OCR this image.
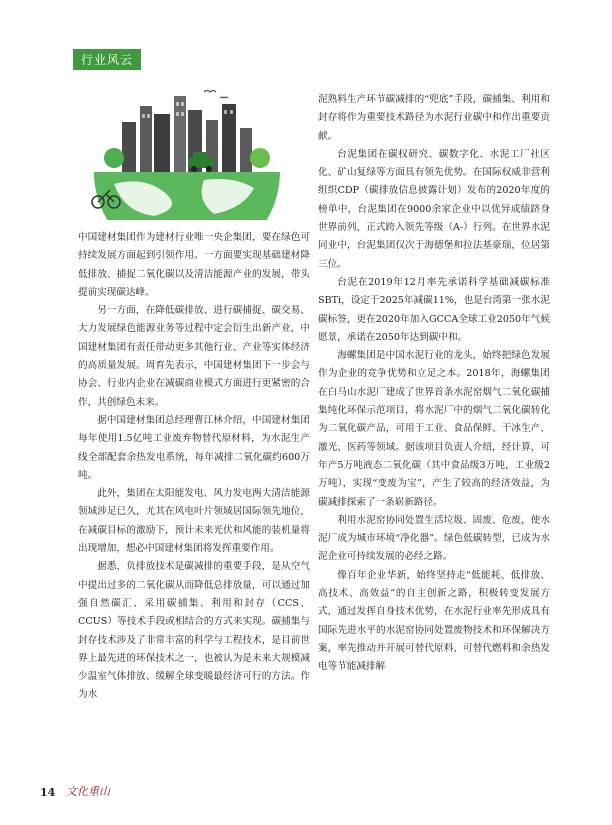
行业风云

中国建材集团作为建材行业唯一央企集团，要在绿色可持续发展方面起到引领作用。一方面要实现基础建材降低排放、捕捉二氧化碳以及清洁能源产业的发展，带头提前实现碳达峰。

另一方面，在降低碳排放、进行碳捕捉、碳交易、大力发展绿色能源业务等过程中定会衍生出新产业，中国建材集团有责任带动更多其他行业、产业等实体经济的高质量发展。周育先表示，中国建材集团下一步会与协会、行业内企业在减碳商业模式方面进行更紧密的合作，共创绿色未来。

据中国建材集团总经理曹江林介绍，中国建材集团每年使用1.5亿吨工业废弃物替代原材料，为水泥生产线全部配套余热发电系统，每年减排二氧化碳约600万吨。

此外，集团在太阳能发电、风力发电两大清洁能源领域涉足已久，尤其在风电叶片领域居国际领先地位，在减碳目标的激励下，预计未来光伏和风能的装机量将出现增加，想必中国建材集团将发挥重要作用。

据悉，负排放技术是碳减排的重要手段，是从空气中提出过多的二氧化碳从而降低总排放量，可以通过加强自然碳汇、采用碳捕集、利用和封存（CCS、CCUS）等技术手段或相结合的方式来实现。碳捕集与封存技术涉及了非常丰富的科学与工程技术，是目前世界上最先进的环保技术之一，也被认为是未来大规模减少温室气体排放、缓解全球变暖最经济可行的方法。作为水

泥熟料生产环节碳减排的“兜底”手段，碳捕集、利用和封存将作为重要技术路径为水泥行业碳中和作出重要贡献。

台泥集团在碳权研究、碳数字化、水泥工厂社区化、矿山复绿等方面具有领先优势。在国际权威非营利组织CDP（碳排放信息披露计划）发布的2020年度的榜单中，台泥集团在9000余家企业中以优异成绩跻身世界前列，正式跨入领先等级（A-）行列。在世界水泥同业中，台泥集团仅次于海德堡和拉法基豪瑞，位居第三位。

台泥在2019年12月率先承诺科学基础减碳标准SBTi，设定于2025年减碳11%，也是台湾第一张水泥碳标签，更在2020年加入GCCA全球工业2050年气候愿景，承诺在2050年达到碳中和。

海螺集团是中国水泥行业的龙头，始终把绿色发展作为企业的竞争优势和立足之本。2018年，海螺集团在白马山水泥厂建成了世界首条水泥窑烟气二氧化碳捕集纯化环保示范项目，将水泥厂中的烟气二氧化碳转化为二氧化碳产品，可用于工业、食品保鲜、干冰生产、激光、医药等领域。据该项目负责人介绍，经计算，可年产5万吨液态二氧化碳（其中食品级3万吨，工业级2万吨），实现“变废为宝”，产生了较高的经济效益，为碳减排探索了一条崭新路径。

利用水泥窑协同处置生活垃圾、固废、危废，使水泥厂成为城市环境“净化器”。绿色低碳转型，已成为水泥企业可持续发展的必经之路。

像百年企业华新，始终坚持走“低能耗、低排放、高技术、高效益”的自主创新之路，积极转变发展方式，通过发挥自身技术优势，在水泥行业率先形成具有国际先进水平的水泥窑协同处置废物技术和环保解决方案，率先推动并开展可替代原料、可替代燃料和余热发电等节能减排解

14 文化重山
